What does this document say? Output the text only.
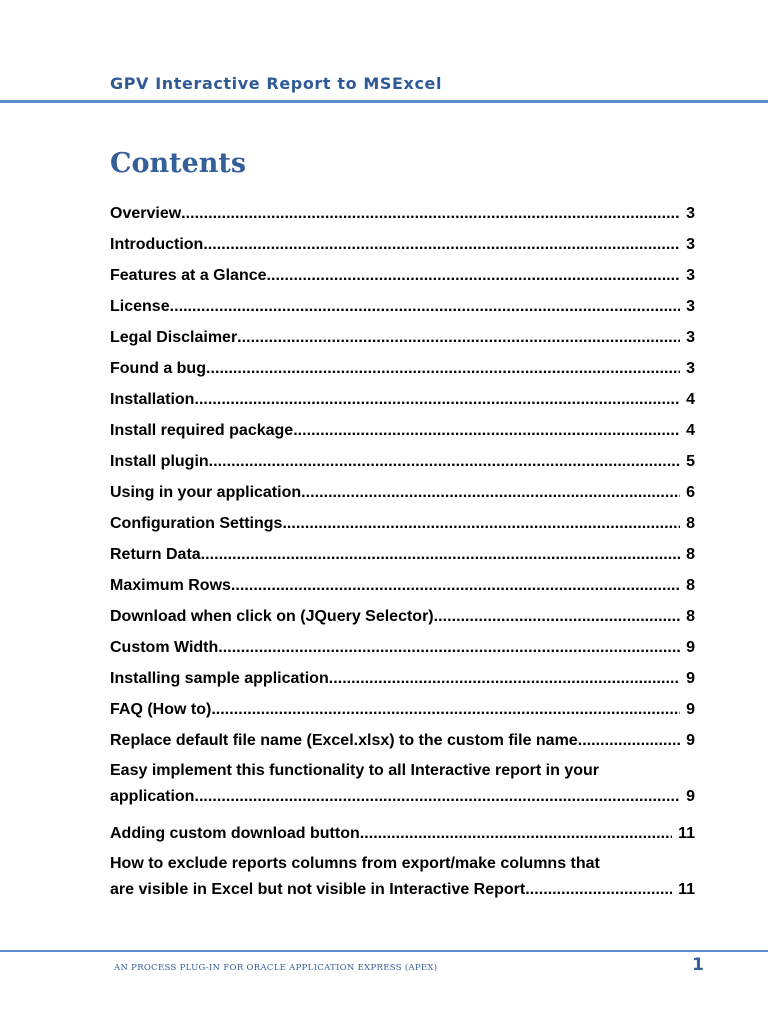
GPV Interactive Report to MSExcel
Contents
Overview . . .	3
Introduction . . .	3
Features at a Glance . . .	3
License . . .	3
Legal Disclaimer . . .	3
Found a bug . . .	3
Installation . . .	4
Install required package . . .	4
Install plugin . . .	5
Using in your application . . .	6
Configuration Settings . . .	8
Return Data . . .	8
Maximum Rows . . .	8
Download when click on (JQuery Selector) . . .	8
Custom Width . . .	9
Installing sample application . . .	9
FAQ (How to) . . .	9
Replace default file name (Excel.xlsx) to the custom file name . . .	9
Easy implement this functionality to all Interactive report in your
application . . .	9
Adding custom download button . . .	11
How to exclude reports columns from export/make columns that
are visible in Excel but not visible in Interactive Report . . .	11
AN PROCESS PLUG-IN FOR ORACLE APPLICATION EXPRESS (APEX)	1
